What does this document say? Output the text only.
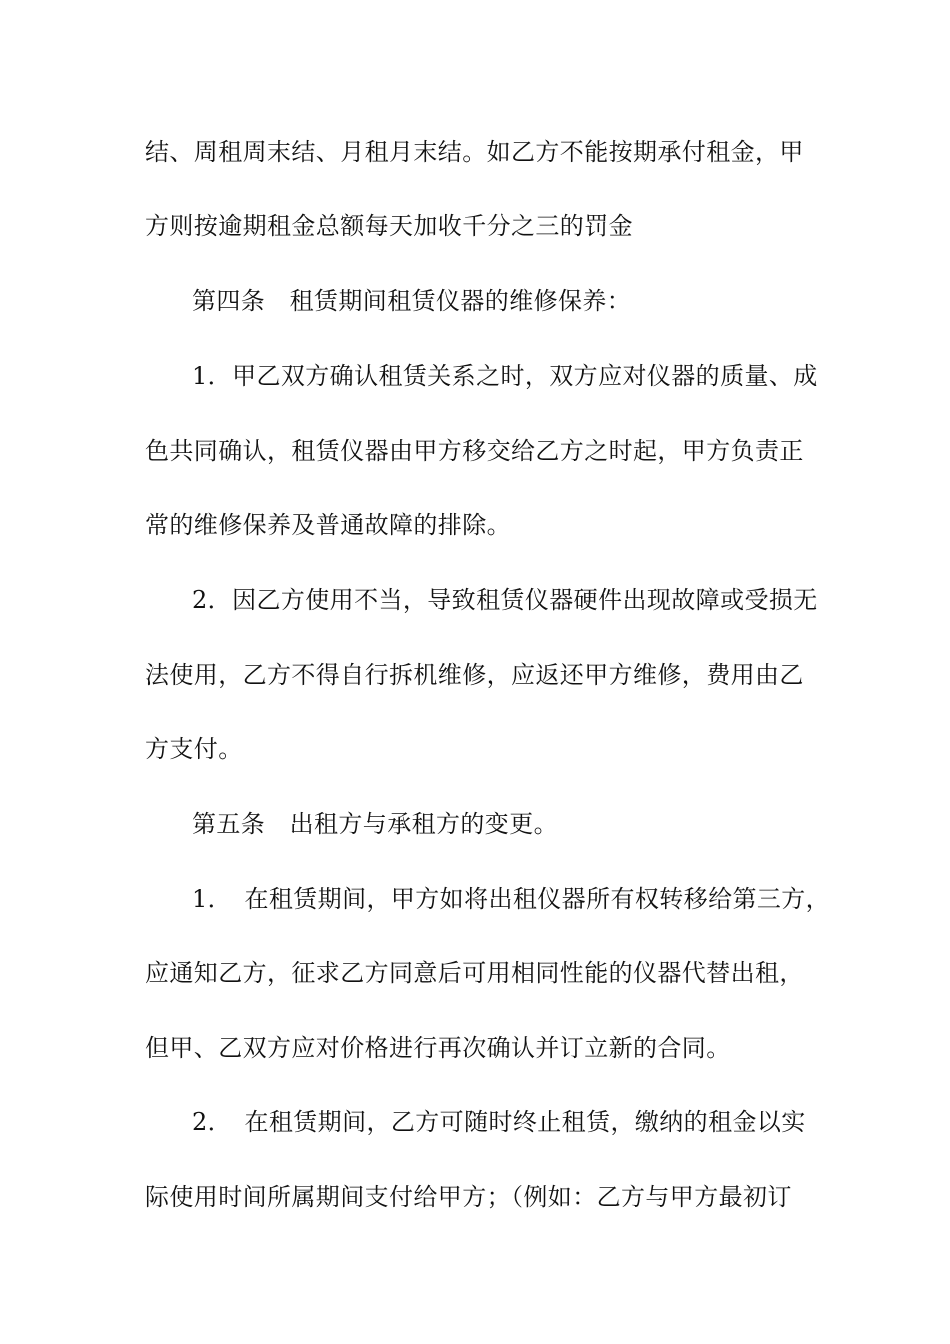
结、周租周末结、月租月末结。如乙方不能按期承付租金，甲
方则按逾期租金总额每天加收千分之三的罚金
第四条　租赁期间租赁仪器的维修保养：
1．甲乙双方确认租赁关系之时，双方应对仪器的质量、成
色共同确认，租赁仪器由甲方移交给乙方之时起，甲方负责正
常的维修保养及普通故障的排除。
2．因乙方使用不当，导致租赁仪器硬件出现故障或受损无
法使用，乙方不得自行拆机维修，应返还甲方维修，费用由乙
方支付。
第五条　出租方与承租方的变更。
1．　在租赁期间，甲方如将出租仪器所有权转移给第三方，
应通知乙方，征求乙方同意后可用相同性能的仪器代替出租，
但甲、乙双方应对价格进行再次确认并订立新的合同。
2．　在租赁期间，乙方可随时终止租赁，缴纳的租金以实
际使用时间所属期间支付给甲方；（例如：乙方与甲方最初订
